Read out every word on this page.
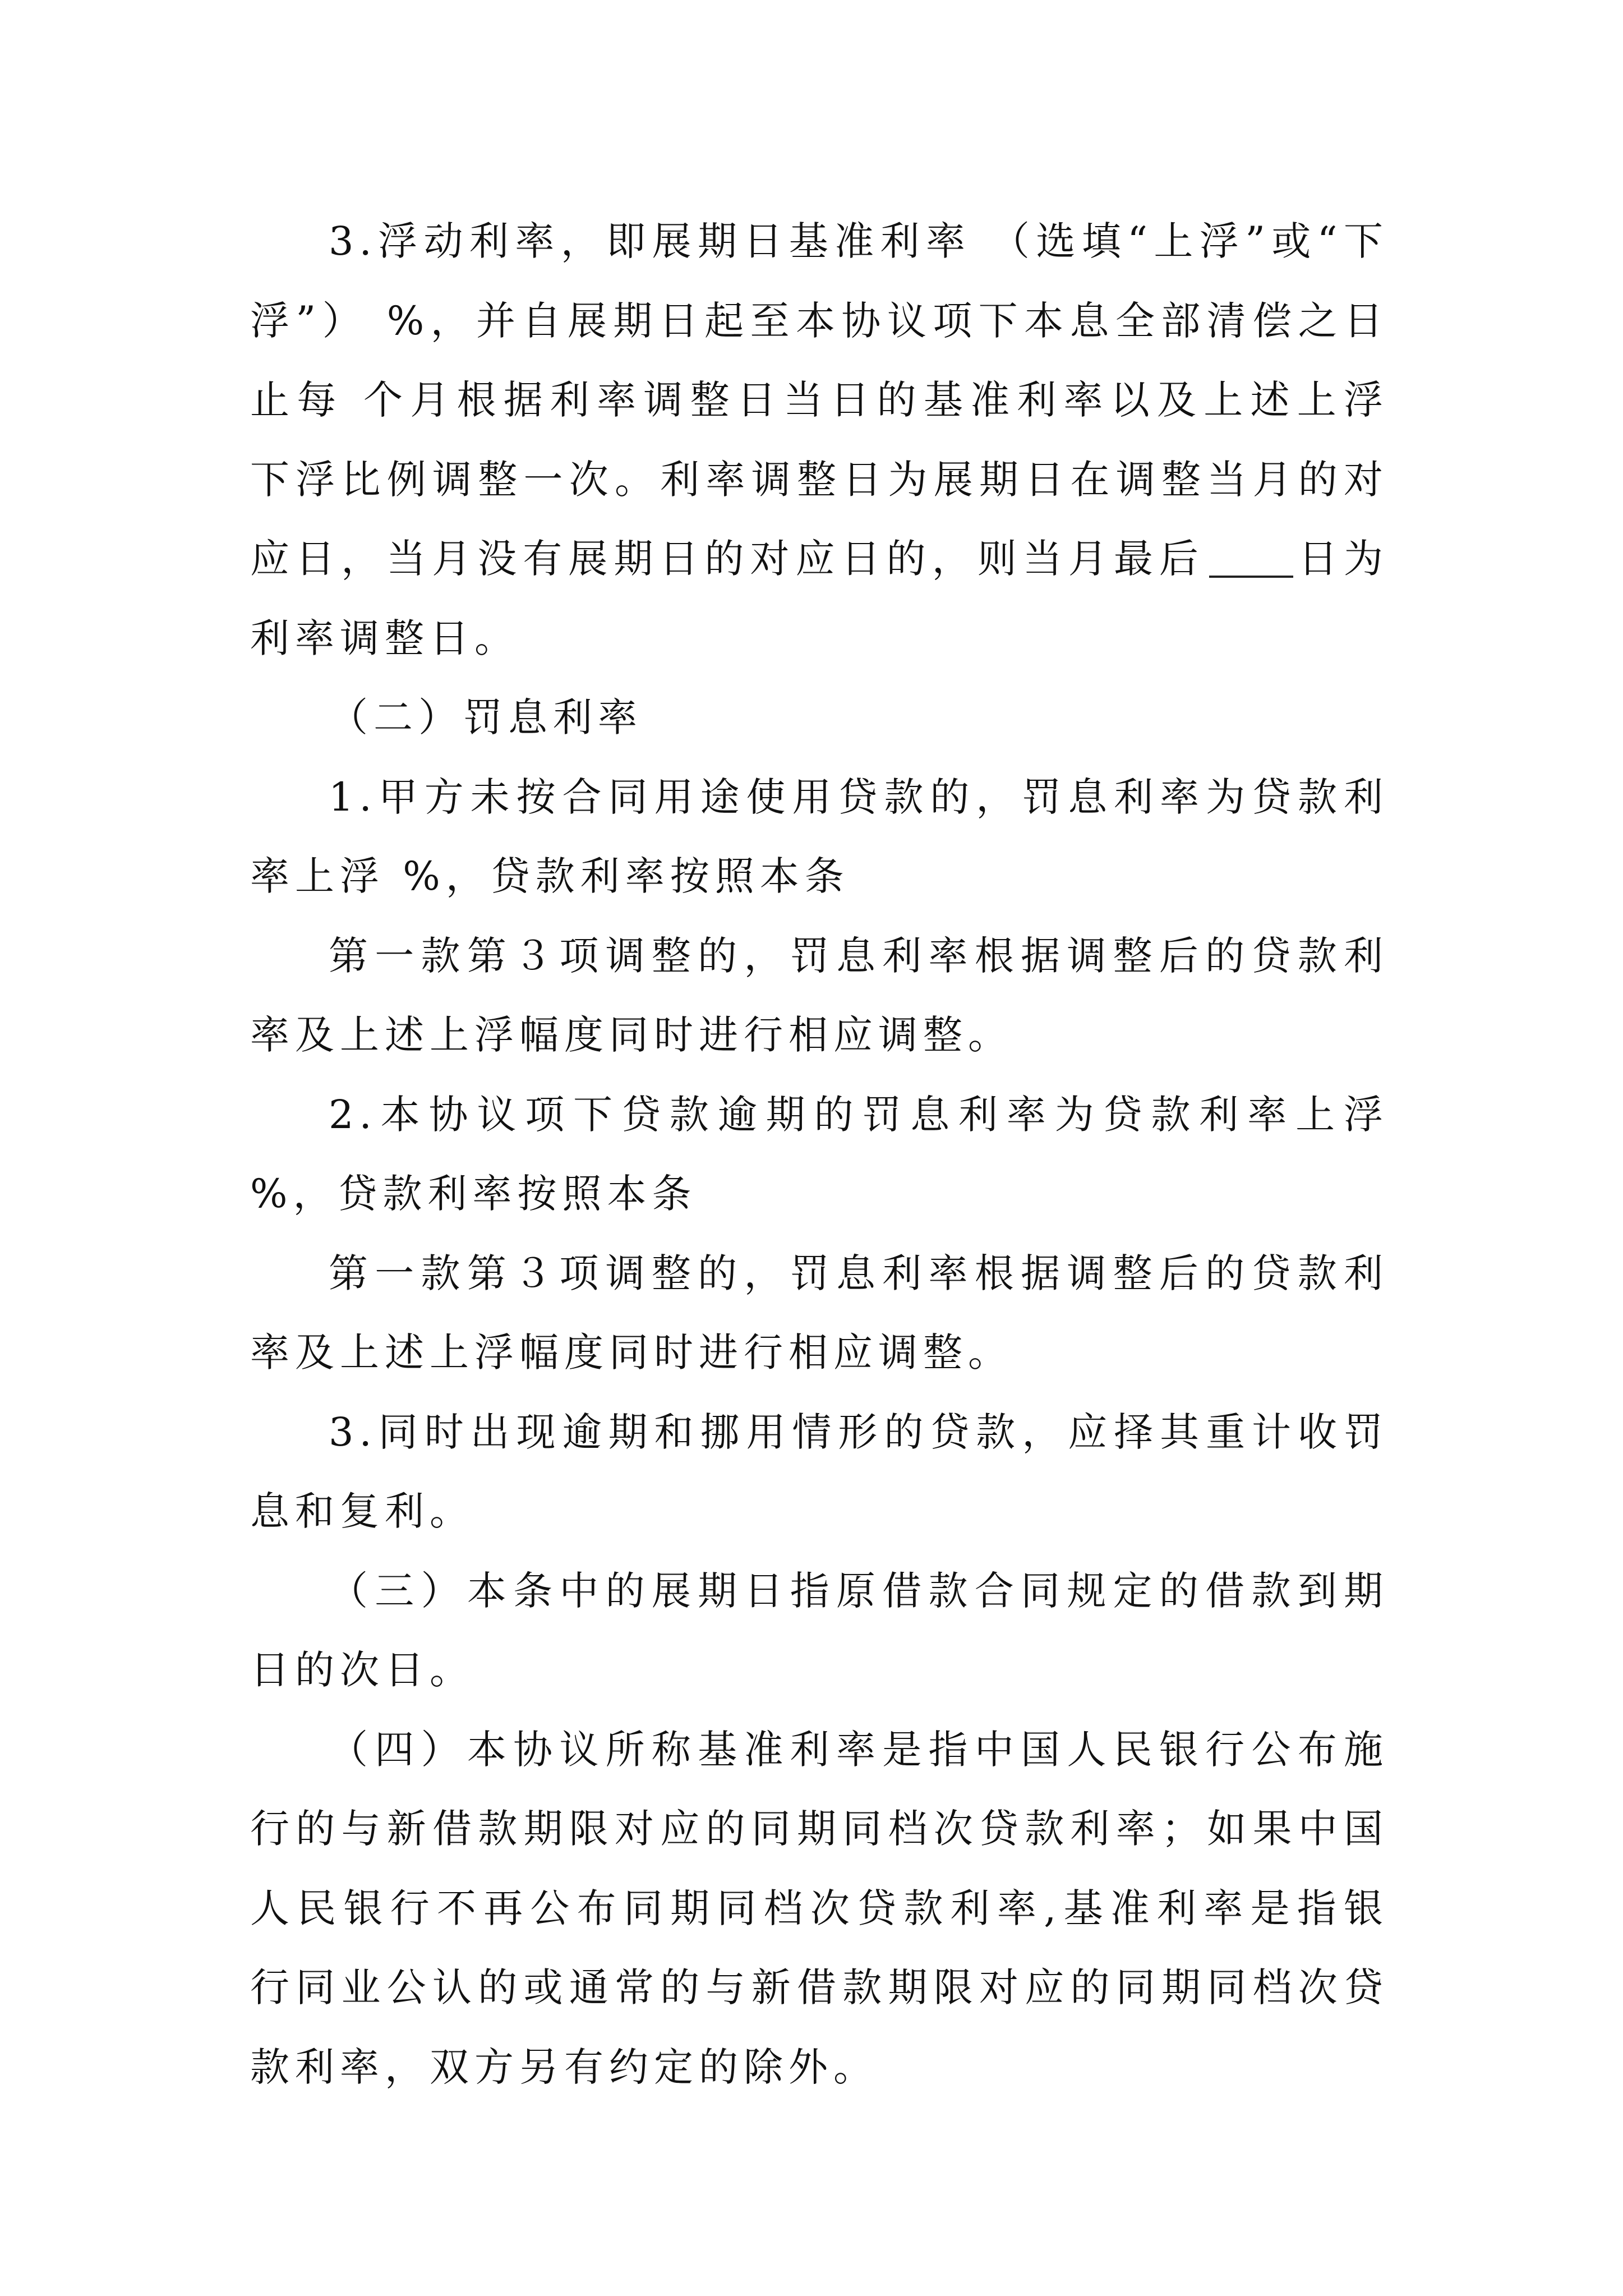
3.浮动利率，即展期日基准利率 （选填“上浮”或“下浮”） %，并自展期日起至本协议项下本息全部清偿之日止每 个月根据利率调整日当日的基准利率以及上述上浮下浮比例调整一次。利率调整日为展期日在调整当月的对应日，当月没有展期日的对应日的，则当月最后 日为利率调整日。

（二）罚息利率

1.甲方未按合同用途使用贷款的，罚息利率为贷款利率上浮 %，贷款利率按照本条

第一款第３项调整的，罚息利率根据调整后的贷款利率及上述上浮幅度同时进行相应调整。

2.本协议项下贷款逾期的罚息利率为贷款利率上浮 %，贷款利率按照本条

第一款第３项调整的，罚息利率根据调整后的贷款利率及上述上浮幅度同时进行相应调整。

3.同时出现逾期和挪用情形的贷款，应择其重计收罚息和复利。

（三）本条中的展期日指原借款合同规定的借款到期日的次日。

（四）本协议所称基准利率是指中国人民银行公布施行的与新借款期限对应的同期同档次贷款利率；如果中国人民银行不再公布同期同档次贷款利率,基准利率是指银行同业公认的或通常的与新借款期限对应的同期同档次贷款利率，双方另有约定的除外。
